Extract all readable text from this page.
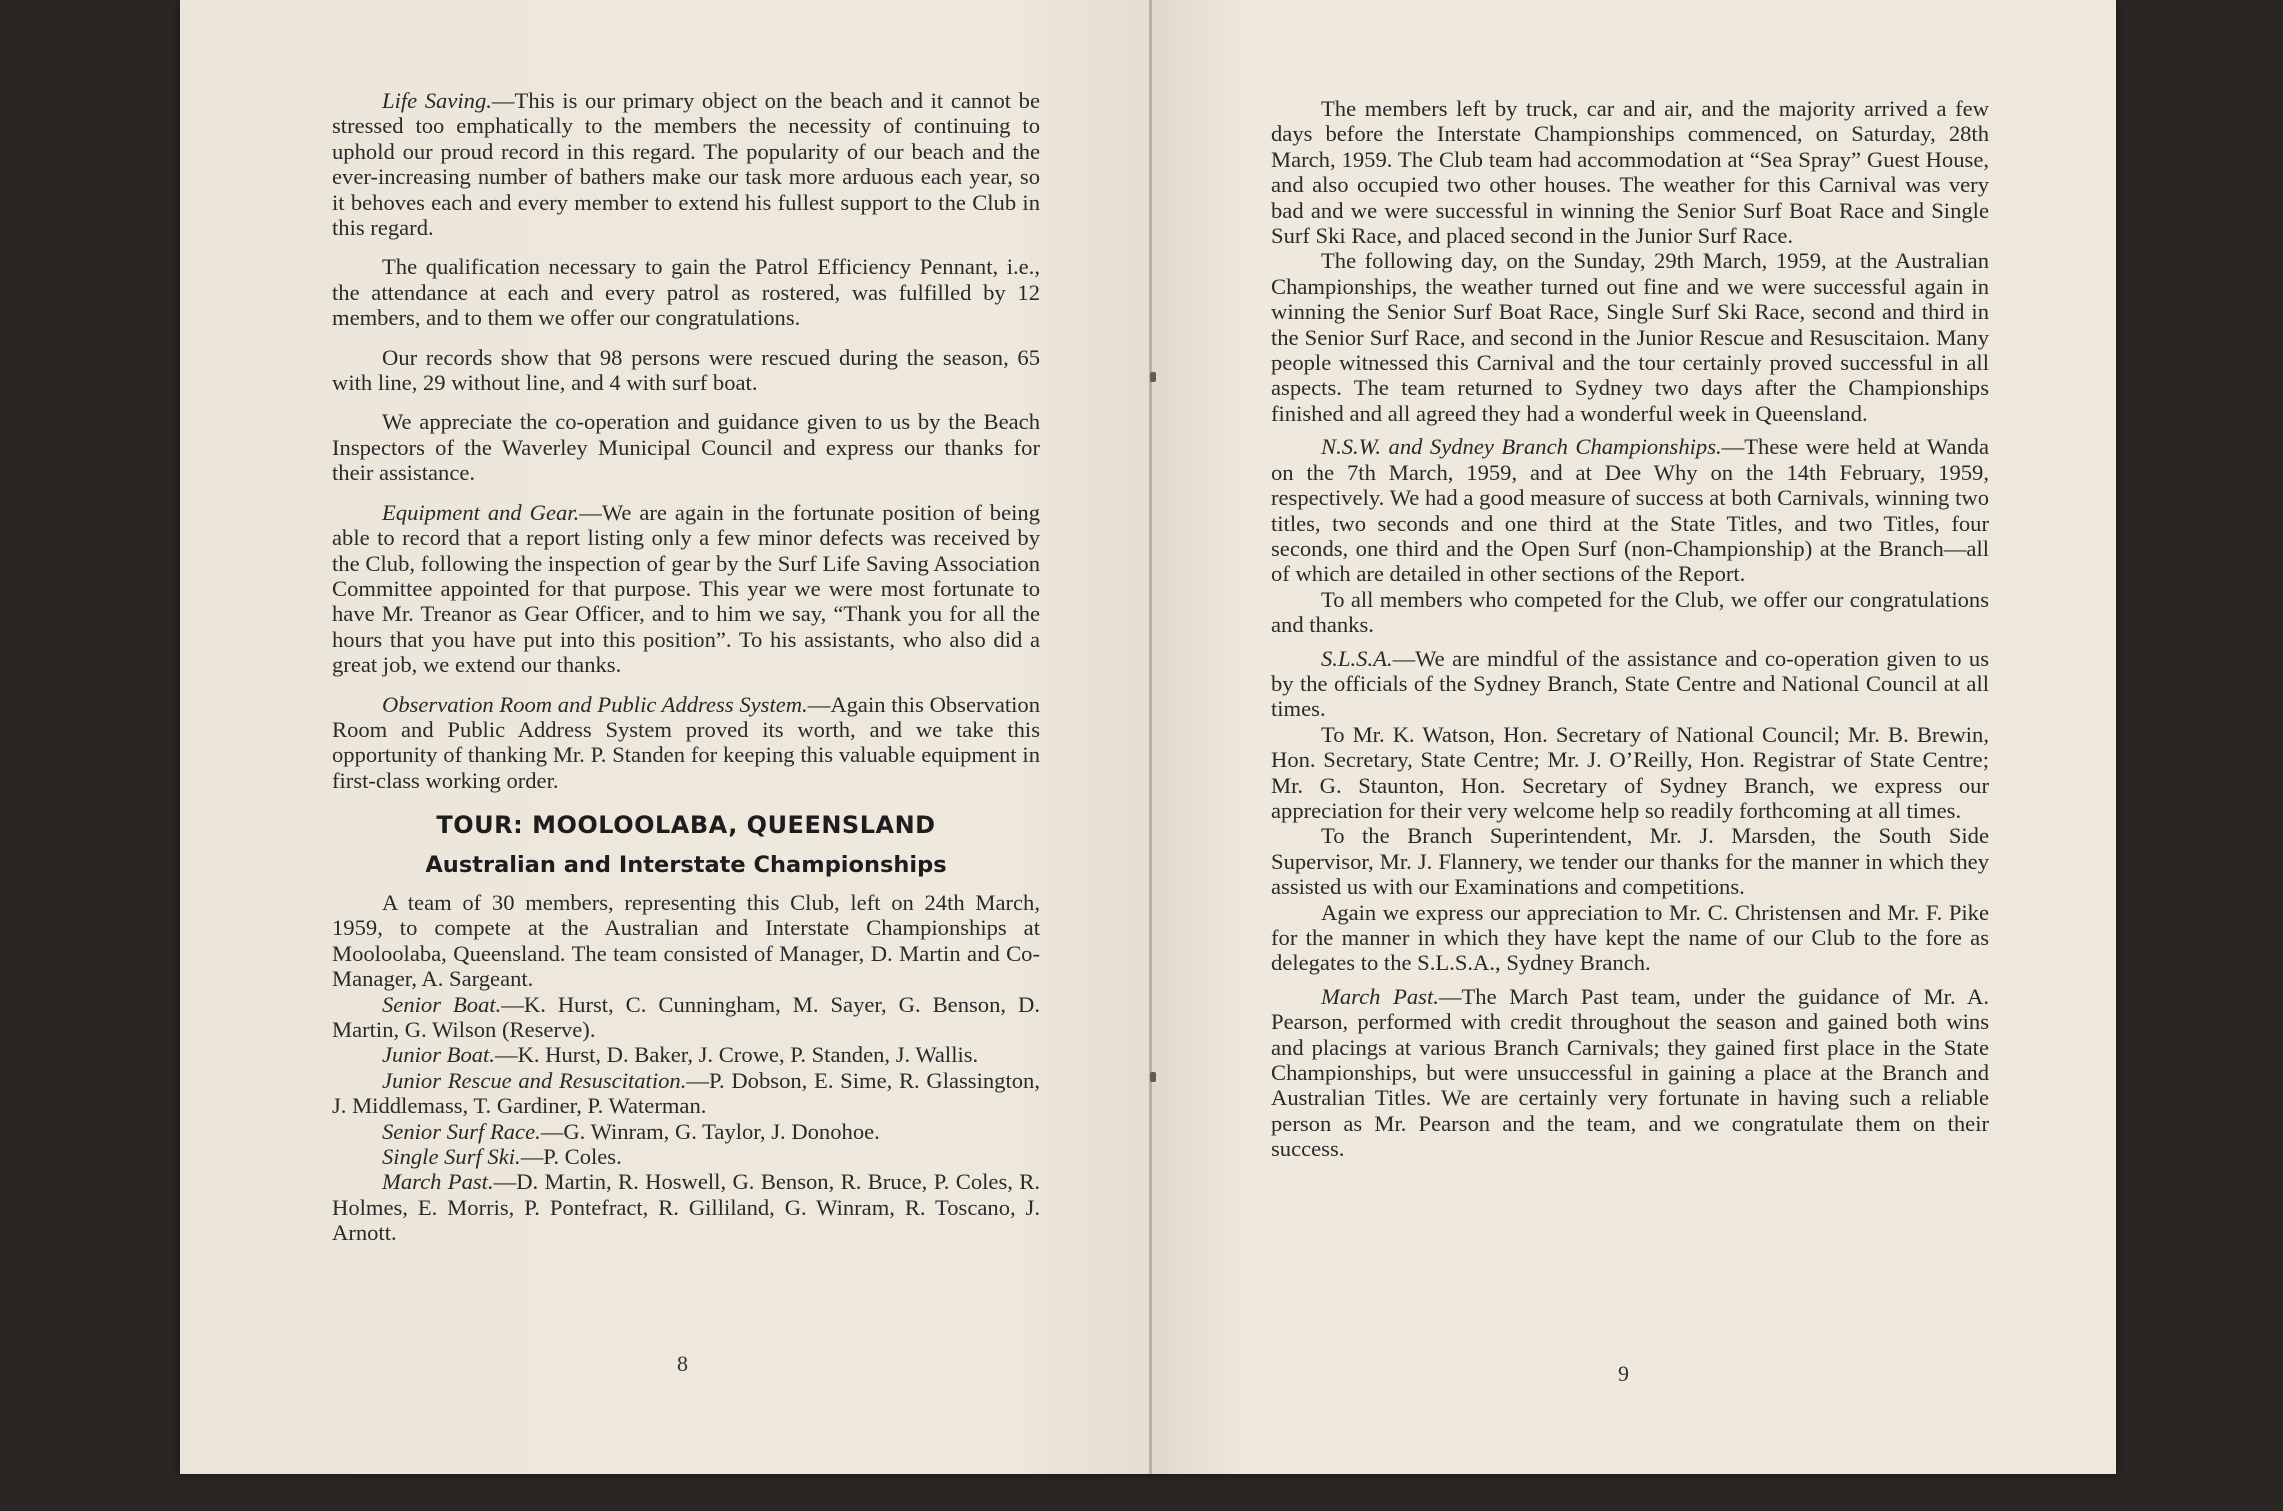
Life Saving.—This is our primary object on the beach and it cannot be stressed too emphatically to the members the necessity of continuing to uphold our proud record in this regard. The popularity of our beach and the ever-increasing number of bathers make our task more arduous each year, so it behoves each and every member to extend his fullest support to the Club in this regard.

The qualification necessary to gain the Patrol Efficiency Pennant, i.e., the attendance at each and every patrol as rostered, was fulfilled by 12 members, and to them we offer our congratulations.

Our records show that 98 persons were rescued during the season, 65 with line, 29 without line, and 4 with surf boat.

We appreciate the co-operation and guidance given to us by the Beach Inspectors of the Waverley Municipal Council and express our thanks for their assistance.

Equipment and Gear.—We are again in the fortunate position of being able to record that a report listing only a few minor defects was received by the Club, following the inspection of gear by the Surf Life Saving Association Committee appointed for that purpose. This year we were most fortunate to have Mr. Treanor as Gear Officer, and to him we say, “Thank you for all the hours that you have put into this position”. To his assistants, who also did a great job, we extend our thanks.

Observation Room and Public Address System.—Again this Observation Room and Public Address System proved its worth, and we take this opportunity of thanking Mr. P. Standen for keeping this valuable equipment in first-class working order.

TOUR: MOOLOOLABA, QUEENSLAND

Australian and Interstate Championships

A team of 30 members, representing this Club, left on 24th March, 1959, to compete at the Australian and Interstate Championships at Mooloolaba, Queensland. The team consisted of Manager, D. Martin and Co-Manager, A. Sargeant.

Senior Boat.—K. Hurst, C. Cunningham, M. Sayer, G. Benson, D. Martin, G. Wilson (Reserve).

Junior Boat.—K. Hurst, D. Baker, J. Crowe, P. Standen, J. Wallis.

Junior Rescue and Resuscitation.—P. Dobson, E. Sime, R. Glassington, J. Middlemass, T. Gardiner, P. Waterman.

Senior Surf Race.—G. Winram, G. Taylor, J. Donohoe.

Single Surf Ski.—P. Coles.

March Past.—D. Martin, R. Hoswell, G. Benson, R. Bruce, P. Coles, R. Holmes, E. Morris, P. Pontefract, R. Gilliland, G. Winram, R. Toscano, J. Arnott.

8

The members left by truck, car and air, and the majority arrived a few days before the Interstate Championships commenced, on Saturday, 28th March, 1959. The Club team had accommodation at “Sea Spray” Guest House, and also occupied two other houses. The weather for this Carnival was very bad and we were successful in winning the Senior Surf Boat Race and Single Surf Ski Race, and placed second in the Junior Surf Race.

The following day, on the Sunday, 29th March, 1959, at the Australian Championships, the weather turned out fine and we were successful again in winning the Senior Surf Boat Race, Single Surf Ski Race, second and third in the Senior Surf Race, and second in the Junior Rescue and Resuscitaion. Many people witnessed this Carnival and the tour certainly proved successful in all aspects. The team returned to Sydney two days after the Championships finished and all agreed they had a wonderful week in Queensland.

N.S.W. and Sydney Branch Championships.—These were held at Wanda on the 7th March, 1959, and at Dee Why on the 14th February, 1959, respectively. We had a good measure of success at both Carnivals, winning two titles, two seconds and one third at the State Titles, and two Titles, four seconds, one third and the Open Surf (non-Championship) at the Branch—all of which are detailed in other sections of the Report.

To all members who competed for the Club, we offer our congratulations and thanks.

S.L.S.A.—We are mindful of the assistance and co-operation given to us by the officials of the Sydney Branch, State Centre and National Council at all times.

To Mr. K. Watson, Hon. Secretary of National Council; Mr. B. Brewin, Hon. Secretary, State Centre; Mr. J. O’Reilly, Hon. Registrar of State Centre; Mr. G. Staunton, Hon. Secretary of Sydney Branch, we express our appreciation for their very welcome help so readily forthcoming at all times.

To the Branch Superintendent, Mr. J. Marsden, the South Side Supervisor, Mr. J. Flannery, we tender our thanks for the manner in which they assisted us with our Examinations and competitions.

Again we express our appreciation to Mr. C. Christensen and Mr. F. Pike for the manner in which they have kept the name of our Club to the fore as delegates to the S.L.S.A., Sydney Branch.

March Past.—The March Past team, under the guidance of Mr. A. Pearson, performed with credit throughout the season and gained both wins and placings at various Branch Carnivals; they gained first place in the State Championships, but were unsuccessful in gaining a place at the Branch and Australian Titles. We are certainly very fortunate in having such a reliable person as Mr. Pearson and the team, and we congratulate them on their success.

9
